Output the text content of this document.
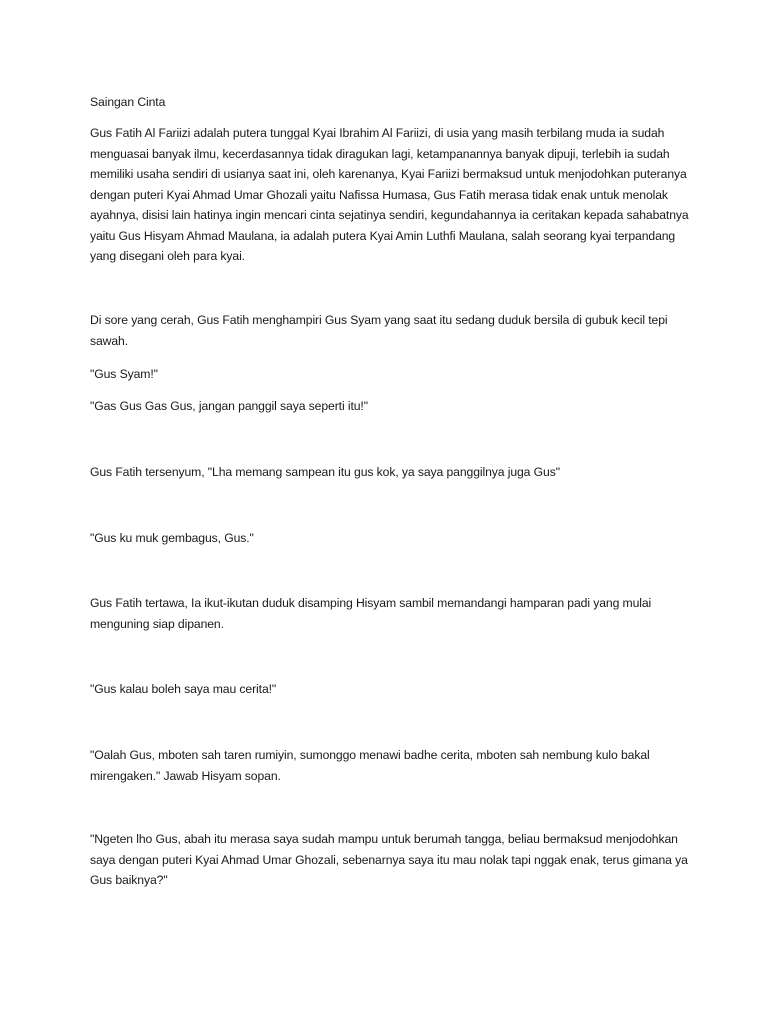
Saingan Cinta

Gus Fatih Al Fariizi adalah putera tunggal Kyai Ibrahim Al Fariizi, di usia yang masih terbilang muda ia sudah menguasai banyak ilmu, kecerdasannya tidak diragukan lagi, ketampanannya banyak dipuji, terlebih ia sudah memiliki usaha sendiri di usianya saat ini, oleh karenanya, Kyai Fariizi bermaksud untuk menjodohkan puteranya dengan puteri Kyai Ahmad Umar Ghozali yaitu Nafissa Humasa, Gus Fatih merasa tidak enak untuk menolak ayahnya, disisi lain hatinya ingin mencari cinta sejatinya sendiri, kegundahannya ia ceritakan kepada sahabatnya yaitu Gus Hisyam Ahmad Maulana, ia adalah putera Kyai Amin Luthfi Maulana, salah seorang kyai terpandang yang disegani oleh para kyai.

Di sore yang cerah, Gus Fatih menghampiri Gus Syam yang saat itu sedang duduk bersila di gubuk kecil tepi sawah.

"Gus Syam!"

"Gas Gus Gas Gus, jangan panggil saya seperti itu!"

Gus Fatih tersenyum, "Lha memang sampean itu gus kok, ya saya panggilnya juga Gus"

"Gus ku muk gembagus, Gus."

Gus Fatih tertawa, Ia ikut-ikutan duduk disamping Hisyam sambil memandangi hamparan padi yang mulai menguning siap dipanen.

"Gus kalau boleh saya mau cerita!"

"Oalah Gus, mboten sah taren rumiyin, sumonggo menawi badhe cerita, mboten sah nembung kulo bakal mirengaken." Jawab Hisyam sopan.

"Ngeten lho Gus, abah itu merasa saya sudah mampu untuk berumah tangga, beliau bermaksud menjodohkan saya dengan puteri Kyai Ahmad Umar Ghozali, sebenarnya saya itu mau nolak tapi nggak enak, terus gimana ya Gus baiknya?"
